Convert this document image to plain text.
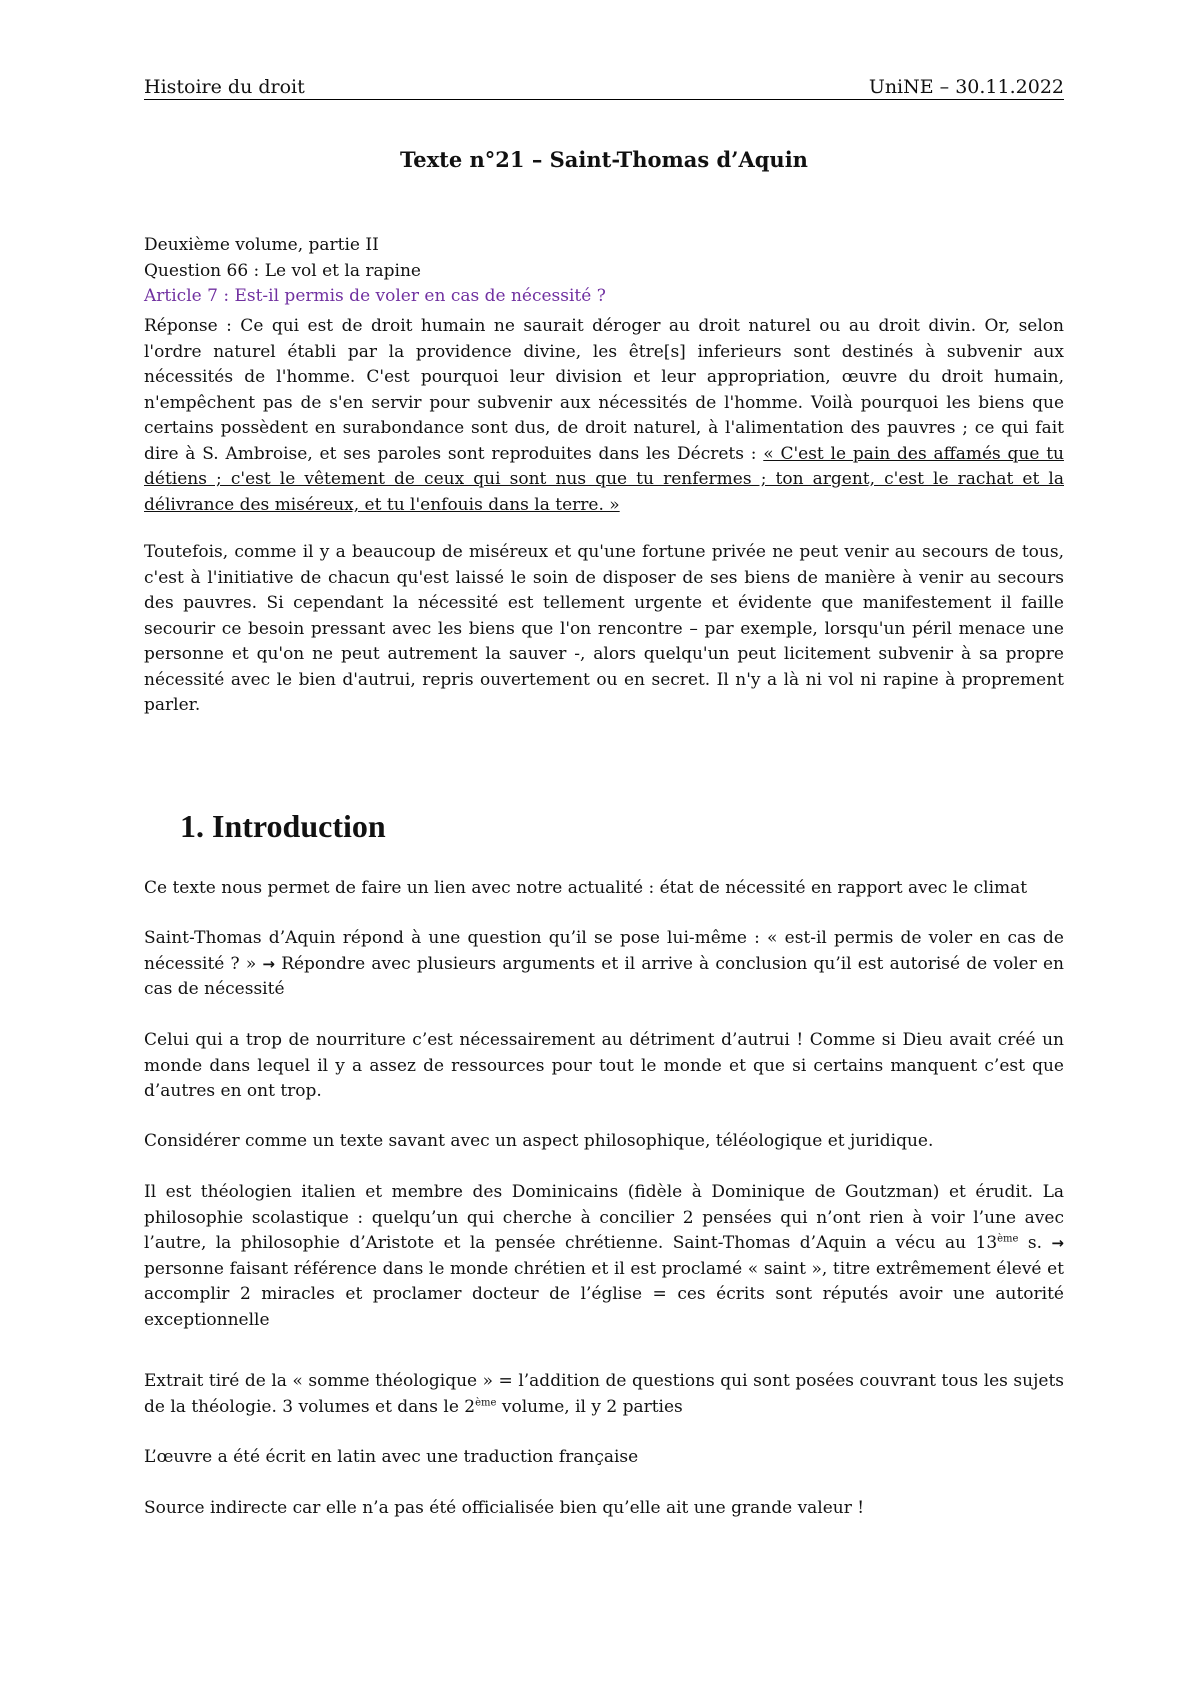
Histoire du droit	UniNE – 30.11.2022
Texte n°21 – Saint-Thomas d’Aquin
Deuxième volume, partie II
Question 66 : Le vol et la rapine
Article 7 : Est-il permis de voler en cas de nécessité ?

Réponse : Ce qui est de droit humain ne saurait déroger au droit naturel ou au droit divin. Or, selon l'ordre naturel établi par la providence divine, les être[s] inferieurs sont destinés à subvenir aux nécessités de l'homme. C'est pourquoi leur division et leur appropriation, œuvre du droit humain, n'empêchent pas de s'en servir pour subvenir aux nécessités de l'homme. Voilà pourquoi les biens que certains possèdent en surabondance sont dus, de droit naturel, à l'alimentation des pauvres ; ce qui fait dire à S. Ambroise, et ses paroles sont reproduites dans les Décrets : « C'est le pain des affamés que tu détiens ; c'est le vêtement de ceux qui sont nus que tu renfermes ; ton argent, c'est le rachat et la délivrance des miséreux, et tu l'enfouis dans la terre. »

Toutefois, comme il y a beaucoup de miséreux et qu'une fortune privée ne peut venir au secours de tous, c'est à l'initiative de chacun qu'est laissé le soin de disposer de ses biens de manière à venir au secours des pauvres. Si cependant la nécessité est tellement urgente et évidente que manifestement il faille secourir ce besoin pressant avec les biens que l'on rencontre – par exemple, lorsqu'un péril menace une personne et qu'on ne peut autrement la sauver -, alors quelqu'un peut licitement subvenir à sa propre nécessité avec le bien d'autrui, repris ouvertement ou en secret. Il n'y a là ni vol ni rapine à proprement parler.

1. Introduction

Ce texte nous permet de faire un lien avec notre actualité : état de nécessité en rapport avec le climat

Saint-Thomas d’Aquin répond à une question qu’il se pose lui-même : « est-il permis de voler en cas de nécessité ? » → Répondre avec plusieurs arguments et il arrive à conclusion qu’il est autorisé de voler en cas de nécessité

Celui qui a trop de nourriture c’est nécessairement au détriment d’autrui ! Comme si Dieu avait créé un monde dans lequel il y a assez de ressources pour tout le monde et que si certains manquent c’est que d’autres en ont trop.

Considérer comme un texte savant avec un aspect philosophique, téléologique et juridique.

Il est théologien italien et membre des Dominicains (fidèle à Dominique de Goutzman) et érudit. La philosophie scolastique : quelqu’un qui cherche à concilier 2 pensées qui n’ont rien à voir l’une avec l’autre, la philosophie d’Aristote et la pensée chrétienne. Saint-Thomas d’Aquin a vécu au 13ème s. → personne faisant référence dans le monde chrétien et il est proclamé « saint », titre extrêmement élevé et accomplir 2 miracles et proclamer docteur de l’église = ces écrits sont réputés avoir une autorité exceptionnelle

Extrait tiré de la « somme théologique » = l’addition de questions qui sont posées couvrant tous les sujets de la théologie. 3 volumes et dans le 2ème volume, il y 2 parties

L’œuvre a été écrit en latin avec une traduction française

Source indirecte car elle n’a pas été officialisée bien qu’elle ait une grande valeur !
